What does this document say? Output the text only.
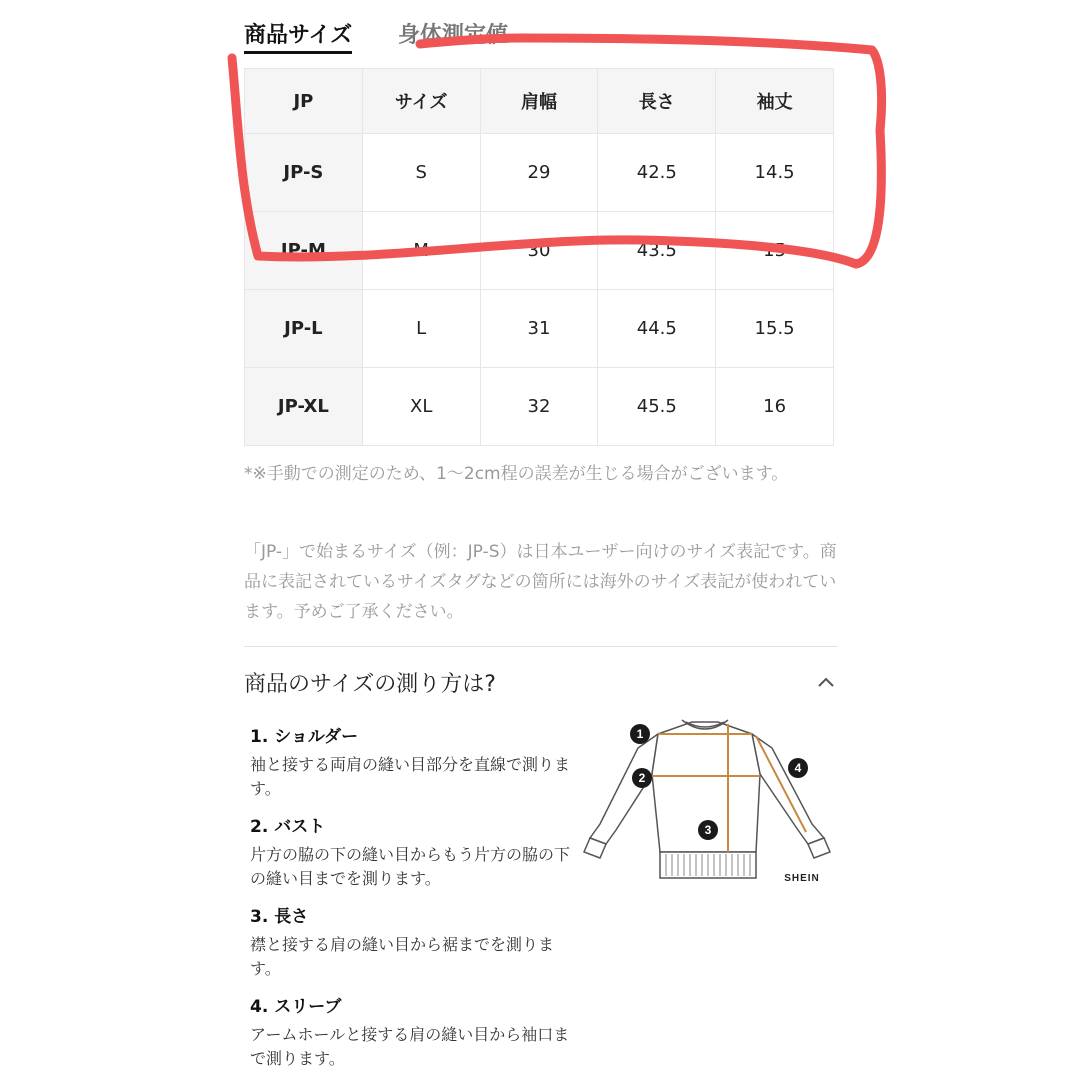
商品サイズ 身体測定値
JP	サイズ	肩幅	長さ	袖丈
JP-S	S	29	42.5	14.5
JP-M	M	30	43.5	15
JP-L	L	31	44.5	15.5
JP-XL	XL	32	45.5	16
*※手動での測定のため、1〜2cm程の誤差が生じる場合がございます。
「JP-」で始まるサイズ（例：JP-S）は日本ユーザー向けのサイズ表記です。商品に表記されているサイズタグなどの箇所には海外のサイズ表記が使われています。予めご了承ください。
商品のサイズの測り方は?
1. ショルダー
袖と接する両肩の縫い目部分を直線で測ります。
2. バスト
片方の脇の下の縫い目からもう片方の脇の下の縫い目までを測ります。
3. 長さ
襟と接する肩の縫い目から裾までを測ります。
4. スリーブ
アームホールと接する肩の縫い目から袖口まで測ります。
1
2
3
4
SHEIN
